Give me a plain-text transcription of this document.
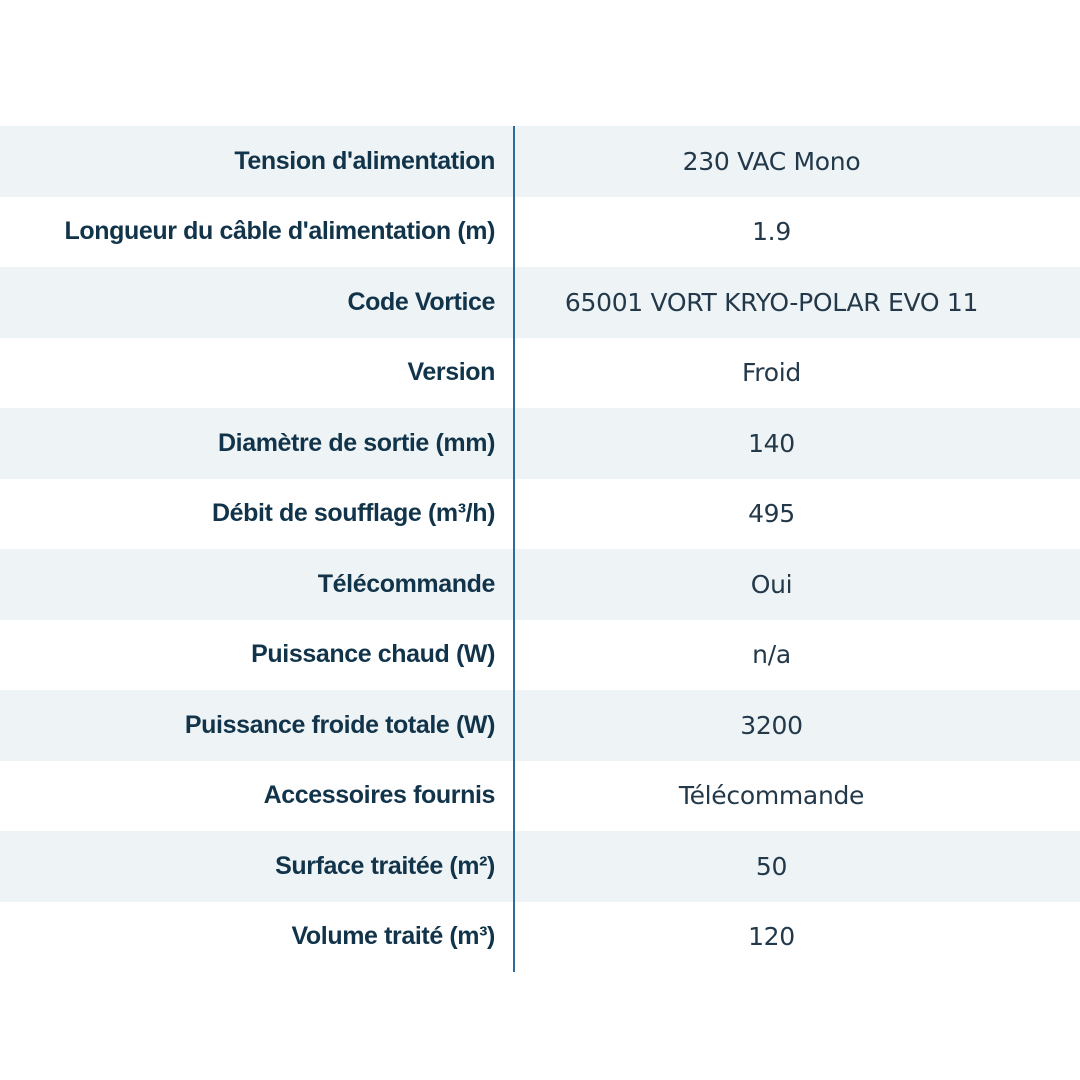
Tension d'alimentation	230 VAC Mono
Longueur du câble d'alimentation (m)	1.9
Code Vortice	65001 VORT KRYO-POLAR EVO 11
Version	Froid
Diamètre de sortie (mm)	140
Débit de soufflage (m³/h)	495
Télécommande	Oui
Puissance chaud (W)	n/a
Puissance froide totale (W)	3200
Accessoires fournis	Télécommande
Surface traitée (m²)	50
Volume traité (m³)	120
